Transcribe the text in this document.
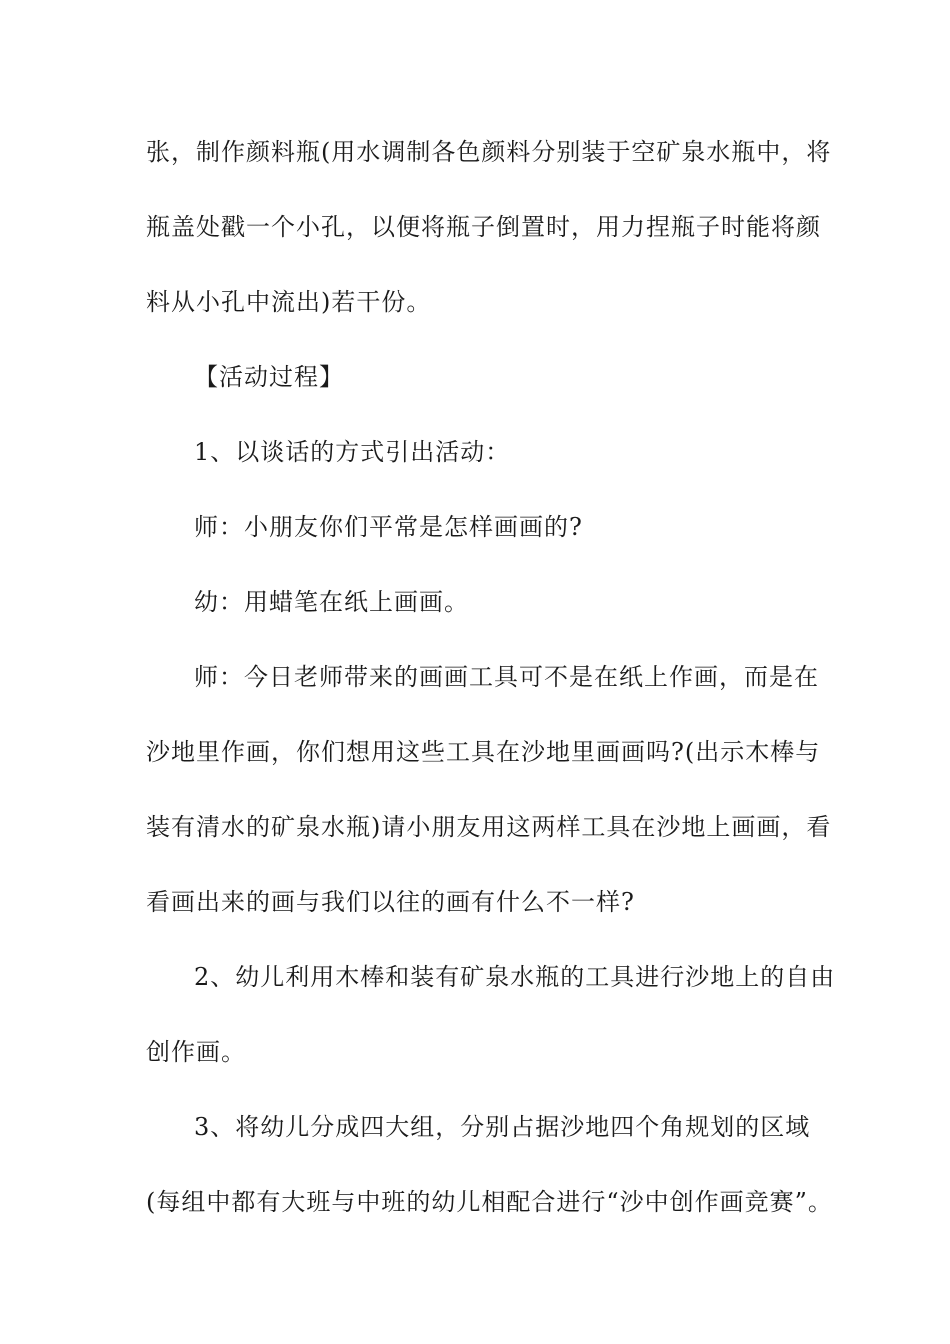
张，制作颜料瓶(用水调制各色颜料分别装于空矿泉水瓶中，将
瓶盖处戳一个小孔，以便将瓶子倒置时，用力捏瓶子时能将颜
料从小孔中流出)若干份。
【活动过程】
1、以谈话的方式引出活动：
师：小朋友你们平常是怎样画画的?
幼：用蜡笔在纸上画画。
师：今日老师带来的画画工具可不是在纸上作画，而是在
沙地里作画，你们想用这些工具在沙地里画画吗?(出示木棒与
装有清水的矿泉水瓶)请小朋友用这两样工具在沙地上画画，看
看画出来的画与我们以往的画有什么不一样?
2、幼儿利用木棒和装有矿泉水瓶的工具进行沙地上的自由
创作画。
3、将幼儿分成四大组，分别占据沙地四个角规划的区域
(每组中都有大班与中班的幼儿相配合进行“沙中创作画竞赛”。
